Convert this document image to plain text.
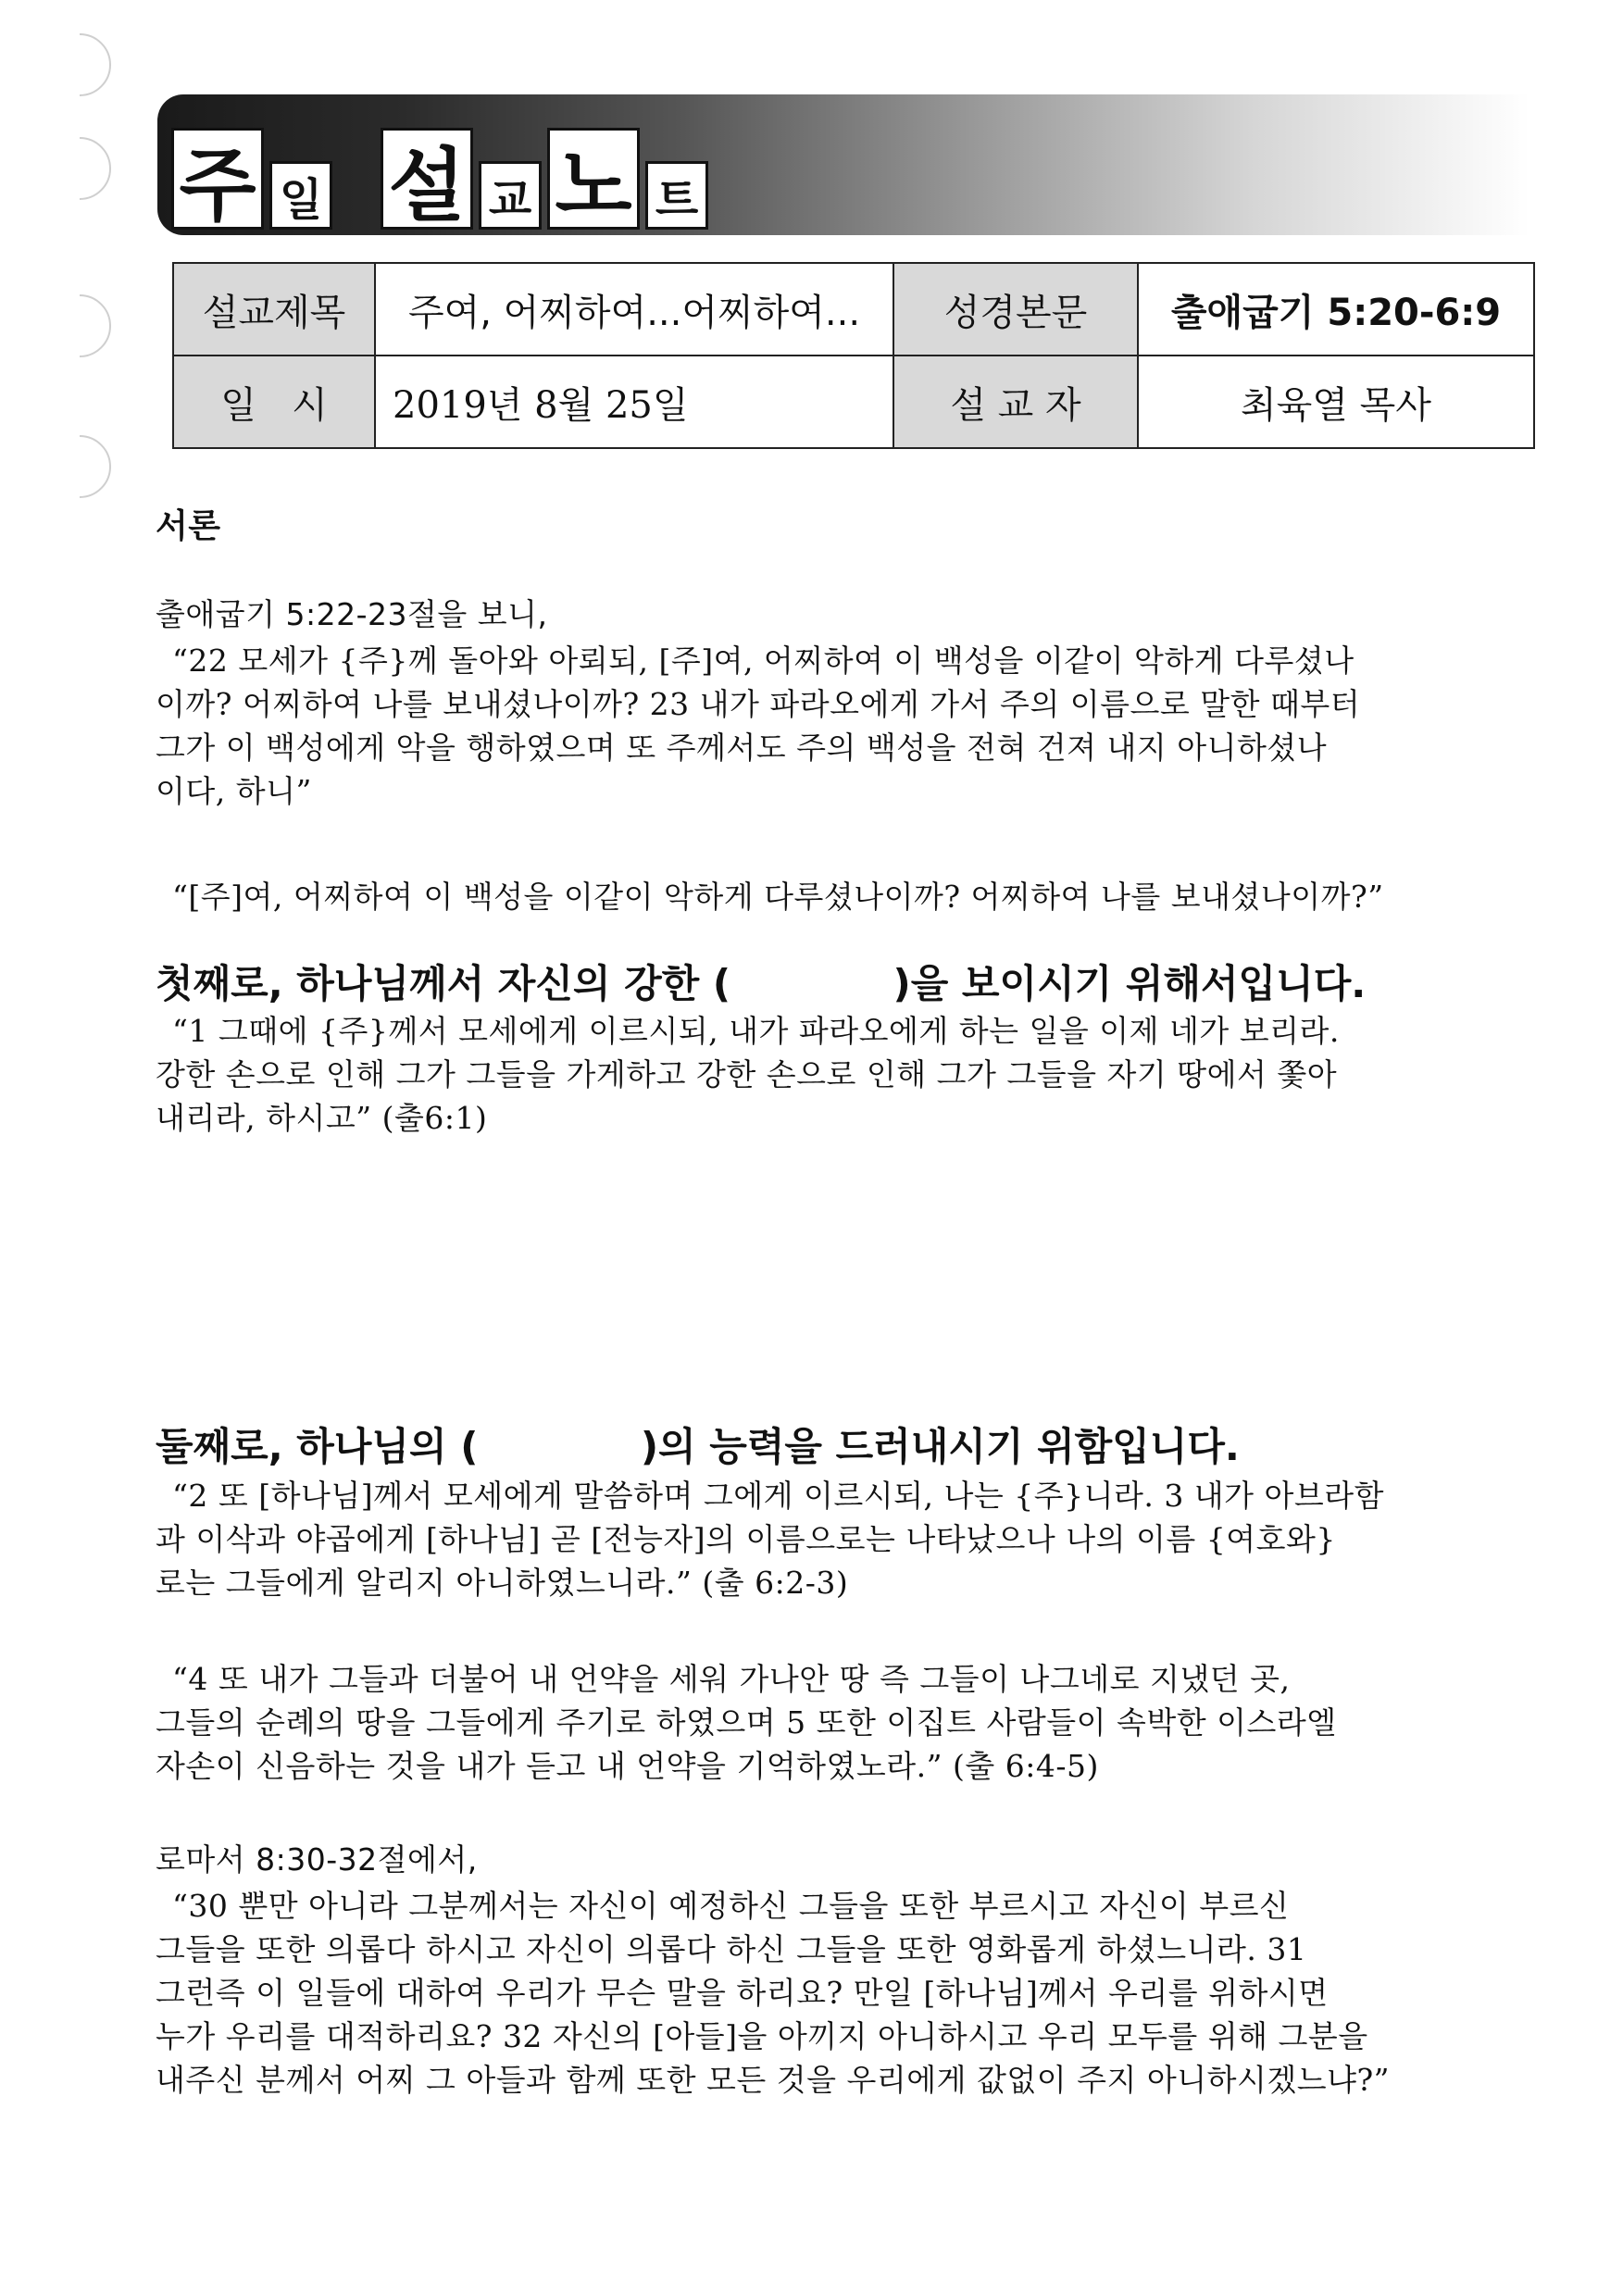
주 일 설 교 노 트
설교제목	주여, 어찌하여...어찌하여...	성경본문	출애굽기 5:20-6:9
일   시	2019년 8월 25일	설 교 자	최육열 목사
서론
출애굽기 5:22-23절을 보니,
“22 모세가 {주}께 돌아와 아뢰되, [주]여, 어찌하여 이 백성을 이같이 악하게 다루셨나
이까? 어찌하여 나를 보내셨나이까? 23 내가 파라오에게 가서 주의 이름으로 말한 때부터
그가 이 백성에게 악을 행하였으며 또 주께서도 주의 백성을 전혀 건져 내지 아니하셨나
이다, 하니”
“[주]여, 어찌하여 이 백성을 이같이 악하게 다루셨나이까? 어찌하여 나를 보내셨나이까?”
첫째로, 하나님께서 자신의 강한 (            )을 보이시기 위해서입니다.
“1 그때에 {주}께서 모세에게 이르시되, 내가 파라오에게 하는 일을 이제 네가 보리라.
강한 손으로 인해 그가 그들을 가게하고 강한 손으로 인해 그가 그들을 자기 땅에서 쫓아
내리라, 하시고” (출6:1)
둘째로, 하나님의 (            )의 능력을 드러내시기 위함입니다.
“2 또 [하나님]께서 모세에게 말씀하며 그에게 이르시되, 나는 {주}니라. 3 내가 아브라함
과 이삭과 야곱에게 [하나님] 곧 [전능자]의 이름으로는 나타났으나 나의 이름 {여호와}
로는 그들에게 알리지 아니하였느니라.” (출 6:2-3)
“4 또 내가 그들과 더불어 내 언약을 세워 가나안 땅 즉 그들이 나그네로 지냈던 곳,
그들의 순례의 땅을 그들에게 주기로 하였으며 5 또한 이집트 사람들이 속박한 이스라엘
자손이 신음하는 것을 내가 듣고 내 언약을 기억하였노라.” (출 6:4-5)
로마서 8:30-32절에서,
“30 뿐만 아니라 그분께서는 자신이 예정하신 그들을 또한 부르시고 자신이 부르신
그들을 또한 의롭다 하시고 자신이 의롭다 하신 그들을 또한 영화롭게 하셨느니라. 31
그런즉 이 일들에 대하여 우리가 무슨 말을 하리요? 만일 [하나님]께서 우리를 위하시면
누가 우리를 대적하리요? 32 자신의 [아들]을 아끼지 아니하시고 우리 모두를 위해 그분을
내주신 분께서 어찌 그 아들과 함께 또한 모든 것을 우리에게 값없이 주지 아니하시겠느냐?”
